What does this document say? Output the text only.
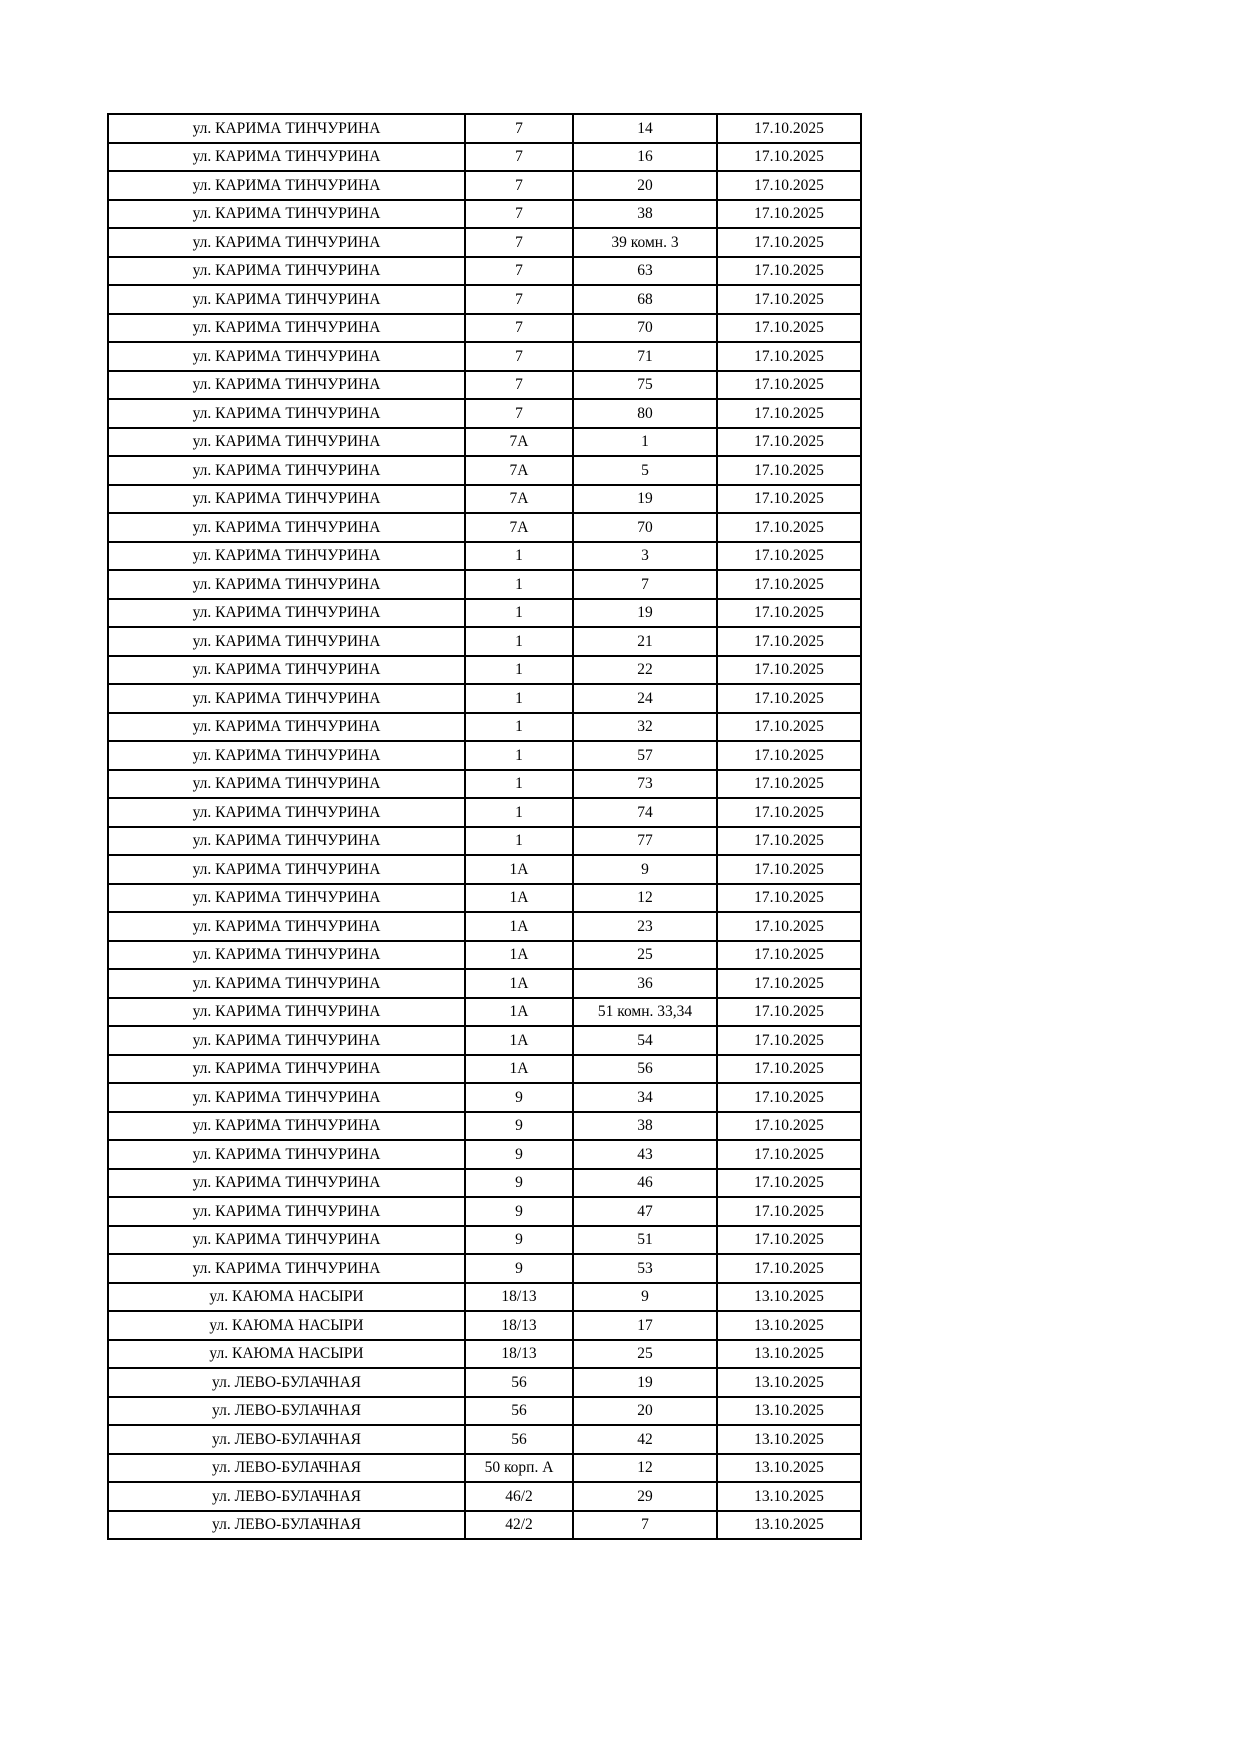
ул. КАРИМА ТИНЧУРИНА	7	14	17.10.2025
ул. КАРИМА ТИНЧУРИНА	7	16	17.10.2025
ул. КАРИМА ТИНЧУРИНА	7	20	17.10.2025
ул. КАРИМА ТИНЧУРИНА	7	38	17.10.2025
ул. КАРИМА ТИНЧУРИНА	7	39 комн. 3	17.10.2025
ул. КАРИМА ТИНЧУРИНА	7	63	17.10.2025
ул. КАРИМА ТИНЧУРИНА	7	68	17.10.2025
ул. КАРИМА ТИНЧУРИНА	7	70	17.10.2025
ул. КАРИМА ТИНЧУРИНА	7	71	17.10.2025
ул. КАРИМА ТИНЧУРИНА	7	75	17.10.2025
ул. КАРИМА ТИНЧУРИНА	7	80	17.10.2025
ул. КАРИМА ТИНЧУРИНА	7А	1	17.10.2025
ул. КАРИМА ТИНЧУРИНА	7А	5	17.10.2025
ул. КАРИМА ТИНЧУРИНА	7А	19	17.10.2025
ул. КАРИМА ТИНЧУРИНА	7А	70	17.10.2025
ул. КАРИМА ТИНЧУРИНА	1	3	17.10.2025
ул. КАРИМА ТИНЧУРИНА	1	7	17.10.2025
ул. КАРИМА ТИНЧУРИНА	1	19	17.10.2025
ул. КАРИМА ТИНЧУРИНА	1	21	17.10.2025
ул. КАРИМА ТИНЧУРИНА	1	22	17.10.2025
ул. КАРИМА ТИНЧУРИНА	1	24	17.10.2025
ул. КАРИМА ТИНЧУРИНА	1	32	17.10.2025
ул. КАРИМА ТИНЧУРИНА	1	57	17.10.2025
ул. КАРИМА ТИНЧУРИНА	1	73	17.10.2025
ул. КАРИМА ТИНЧУРИНА	1	74	17.10.2025
ул. КАРИМА ТИНЧУРИНА	1	77	17.10.2025
ул. КАРИМА ТИНЧУРИНА	1А	9	17.10.2025
ул. КАРИМА ТИНЧУРИНА	1А	12	17.10.2025
ул. КАРИМА ТИНЧУРИНА	1А	23	17.10.2025
ул. КАРИМА ТИНЧУРИНА	1А	25	17.10.2025
ул. КАРИМА ТИНЧУРИНА	1А	36	17.10.2025
ул. КАРИМА ТИНЧУРИНА	1А	51 комн. 33,34	17.10.2025
ул. КАРИМА ТИНЧУРИНА	1А	54	17.10.2025
ул. КАРИМА ТИНЧУРИНА	1А	56	17.10.2025
ул. КАРИМА ТИНЧУРИНА	9	34	17.10.2025
ул. КАРИМА ТИНЧУРИНА	9	38	17.10.2025
ул. КАРИМА ТИНЧУРИНА	9	43	17.10.2025
ул. КАРИМА ТИНЧУРИНА	9	46	17.10.2025
ул. КАРИМА ТИНЧУРИНА	9	47	17.10.2025
ул. КАРИМА ТИНЧУРИНА	9	51	17.10.2025
ул. КАРИМА ТИНЧУРИНА	9	53	17.10.2025
ул. КАЮМА НАСЫРИ	18/13	9	13.10.2025
ул. КАЮМА НАСЫРИ	18/13	17	13.10.2025
ул. КАЮМА НАСЫРИ	18/13	25	13.10.2025
ул. ЛЕВО-БУЛАЧНАЯ	56	19	13.10.2025
ул. ЛЕВО-БУЛАЧНАЯ	56	20	13.10.2025
ул. ЛЕВО-БУЛАЧНАЯ	56	42	13.10.2025
ул. ЛЕВО-БУЛАЧНАЯ	50 корп. А	12	13.10.2025
ул. ЛЕВО-БУЛАЧНАЯ	46/2	29	13.10.2025
ул. ЛЕВО-БУЛАЧНАЯ	42/2	7	13.10.2025
